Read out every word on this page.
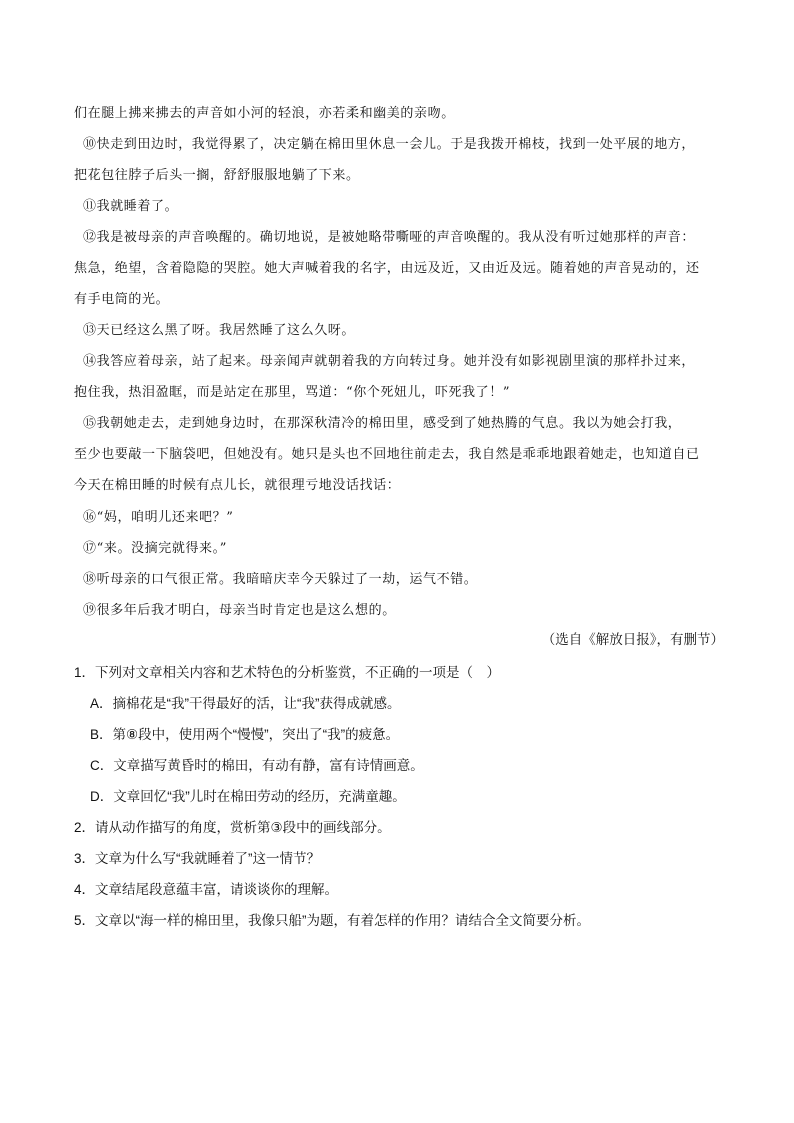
们在腿上拂来拂去的声音如小河的轻浪，亦若柔和幽美的亲吻。
⑩快走到田边时，我觉得累了，决定躺在棉田里休息一会儿。于是我拨开棉枝，找到一处平展的地方，
把花包往脖子后头一搁，舒舒服服地躺了下来。
⑪我就睡着了。
⑫我是被母亲的声音唤醒的。确切地说，是被她略带嘶哑的声音唤醒的。我从没有听过她那样的声音：
焦急，绝望，含着隐隐的哭腔。她大声喊着我的名字，由远及近，又由近及远。随着她的声音晃动的，还
有手电筒的光。
⑬天已经这么黑了呀。我居然睡了这么久呀。
⑭我答应着母亲，站了起来。母亲闻声就朝着我的方向转过身。她并没有如影视剧里演的那样扑过来，
抱住我，热泪盈眶，而是站定在那里，骂道：“你个死妞儿，吓死我了！”
⑮我朝她走去，走到她身边时，在那深秋清冷的棉田里，感受到了她热腾的气息。我以为她会打我，
至少也要敲一下脑袋吧，但她没有。她只是头也不回地往前走去，我自然是乖乖地跟着她走，也知道自已
今天在棉田睡的时候有点儿长，就很理亏地没话找话：
⑯“妈，咱明儿还来吧？”
⑰“来。没摘完就得来。”
⑱听母亲的口气很正常。我暗暗庆幸今天躲过了一劫，运气不错。
⑲很多年后我才明白，母亲当时肯定也是这么想的。
（选自《解放日报》，有删节）
1．下列对文章相关内容和艺术特色的分析鉴赏，不正确的一项是（　）
A．摘棉花是“我”干得最好的活，让“我”获得成就感。
B．第⑧段中，使用两个“慢慢”，突出了“我”的疲惫。
C．文章描写黄昏时的棉田，有动有静，富有诗情画意。
D．文章回忆“我”儿时在棉田劳动的经历，充满童趣。
2．请从动作描写的角度，赏析第③段中的画线部分。
3．文章为什么写“我就睡着了”这一情节？
4．文章结尾段意蕴丰富，请谈谈你的理解。
5．文章以“海一样的棉田里，我像只船”为题，有着怎样的作用？请结合全文简要分析。
